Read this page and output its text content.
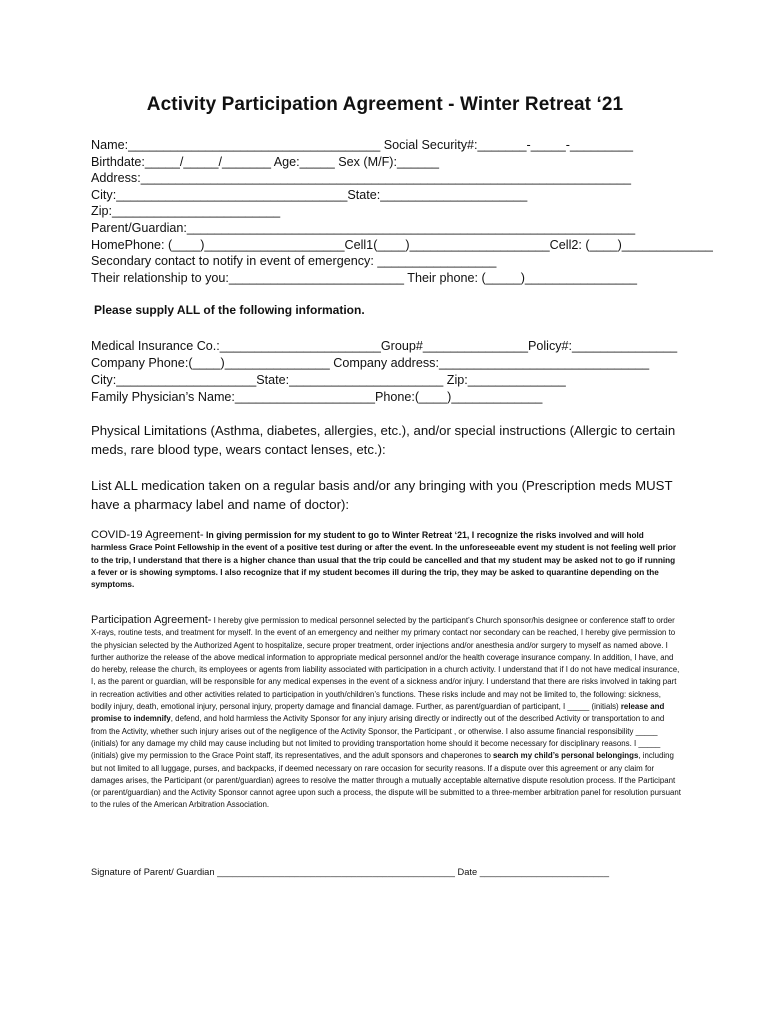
Activity Participation Agreement - Winter Retreat ‘21
Name:____________________________________ Social Security#:_______-_____-_________
Birthdate:_____/_____/_______ Age:_____ Sex (M/F):______
Address:______________________________________________________________________
City:_________________________________State:_____________________
Zip:________________________
Parent/Guardian:________________________________________________________________
HomePhone: (____)____________________Cell1(____)____________________Cell2: (____)_____________
Secondary contact to notify in event of emergency: _________________
Their relationship to you:_________________________ Their phone: (_____)________________
Please supply ALL of the following information.
Medical Insurance Co.:_______________________Group#_______________Policy#:_______________
Company Phone:(____)_______________ Company address:______________________________
City:____________________State:______________________ Zip:______________
Family Physician’s Name:____________________Phone:(____)_____________
Physical Limitations (Asthma, diabetes, allergies, etc.), and/or special instructions (Allergic to certain meds, rare blood type, wears contact lenses, etc.):
List ALL medication taken on a regular basis and/or any bringing with you (Prescription meds MUST have a pharmacy label and name of doctor):
COVID-19 Agreement- In giving permission for my student to go to Winter Retreat ‘21, I recognize the risks involved and will hold harmless Grace Point Fellowship in the event of a positive test during or after the event. In the unforeseeable event my student is not feeling well prior to the trip, I understand that there is a higher chance than usual that the trip could be cancelled and that my student may be asked not to go if running a fever or is showing symptoms. I also recognize that if my student becomes ill during the trip, they may be asked to quarantine depending on the symptoms.
Participation Agreement- I hereby give permission to medical personnel selected by the participant’s Church sponsor/his designee or conference staff to order X-rays, routine tests, and treatment for myself. In the event of an emergency and neither my primary contact nor secondary can be reached, I hereby give permission to the physician selected by the Authorized Agent to hospitalize, secure proper treatment, order injections and/or anesthesia and/or surgery to myself as named above. I further authorize the release of the above medical information to appropriate medical personnel and/or the health coverage insurance company. In addition, I have, and do hereby, release the church, its employees or agents from liability associated with participation in a church activity. I understand that if I do not have medical insurance, I, as the parent or guardian, will be responsible for any medical expenses in the event of a sickness and/or injury. I understand that there are risks involved in taking part in recreation activities and other activities related to participation in youth/children’s functions. These risks include and may not be limited to, the following: sickness, bodily injury, death, emotional injury, personal injury, property damage and financial damage. Further, as parent/guardian of participant, I _____ (initials) release and promise to indemnify, defend, and hold harmless the Activity Sponsor for any injury arising directly or indirectly out of the described Activity or transportation to and from the Activity, whether such injury arises out of the negligence of the Activity Sponsor, the Participant , or otherwise. I also assume financial responsibility _____ (initials) for any damage my child may cause including but not limited to providing transportation home should it become necessary for disciplinary reasons. I _____ (initials) give my permission to the Grace Point staff, its representatives, and the adult sponsors and chaperones to search my child’s personal belongings, including but not limited to all luggage, purses, and backpacks, if deemed necessary on rare occasion for security reasons. If a dispute over this agreement or any claim for damages arises, the Participant (or parent/guardian) agrees to resolve the matter through a mutually acceptable alternative dispute resolution process. If the Participant (or parent/guardian) and the Activity Sponsor cannot agree upon such a process, the dispute will be submitted to a three-member arbitration panel for resolution pursuant to the rules of the American Arbitration Association.
Signature of Parent/ Guardian ______________________________________________ Date _________________________
